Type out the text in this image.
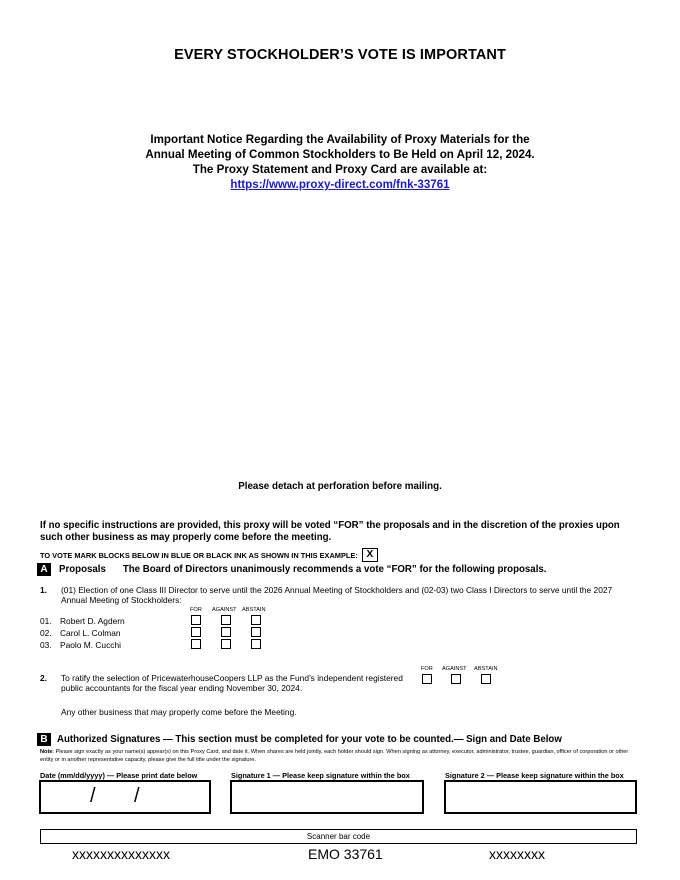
EVERY STOCKHOLDER’S VOTE IS IMPORTANT
Important Notice Regarding the Availability of Proxy Materials for the
Annual Meeting of Common Stockholders to Be Held on April 12, 2024.
The Proxy Statement and Proxy Card are available at:
https://www.proxy-direct.com/fnk-33761
Please detach at perforation before mailing.
If no specific instructions are provided, this proxy will be voted “FOR” the proposals and in the discretion of the proxies upon such other business as may properly come before the meeting.
TO VOTE MARK BLOCKS BELOW IN BLUE OR BLACK INK AS SHOWN IN THIS EXAMPLE: X
A	Proposals The Board of Directors unanimously recommends a vote “FOR” for the following proposals.
1. (01) Election of one Class III Director to serve until the 2026 Annual Meeting of Stockholders and (02-03) two Class I Directors to serve until the 2027 Annual Meeting of Stockholders:
FOR AGAINST ABSTAIN
01. Robert D. Agdern
02. Carol L. Colman
03. Paolo M. Cucchi
FOR AGAINST ABSTAIN
2. To ratify the selection of PricewaterhouseCoopers LLP as the Fund’s independent registered public accountants for the fiscal year ending November 30, 2024.
Any other business that may properly come before the Meeting.
B Authorized Signatures — This section must be completed for your vote to be counted.— Sign and Date Below
Note: Please sign exactly as your name(s) appear(s) on this Proxy Card, and date it. When shares are held jointly, each holder should sign. When signing as attorney, executor, administrator, trustee, guardian, officer of corporation or other entity or in another representative capacity, please give the full title under the signature.
Date (mm/dd/yyyy) — Please print date below	Signature 1 — Please keep signature within the box	Signature 2 — Please keep signature within the box
/ /
Scanner bar code
xxxxxxxxxxxxxx	EMO 33761	xxxxxxxx
